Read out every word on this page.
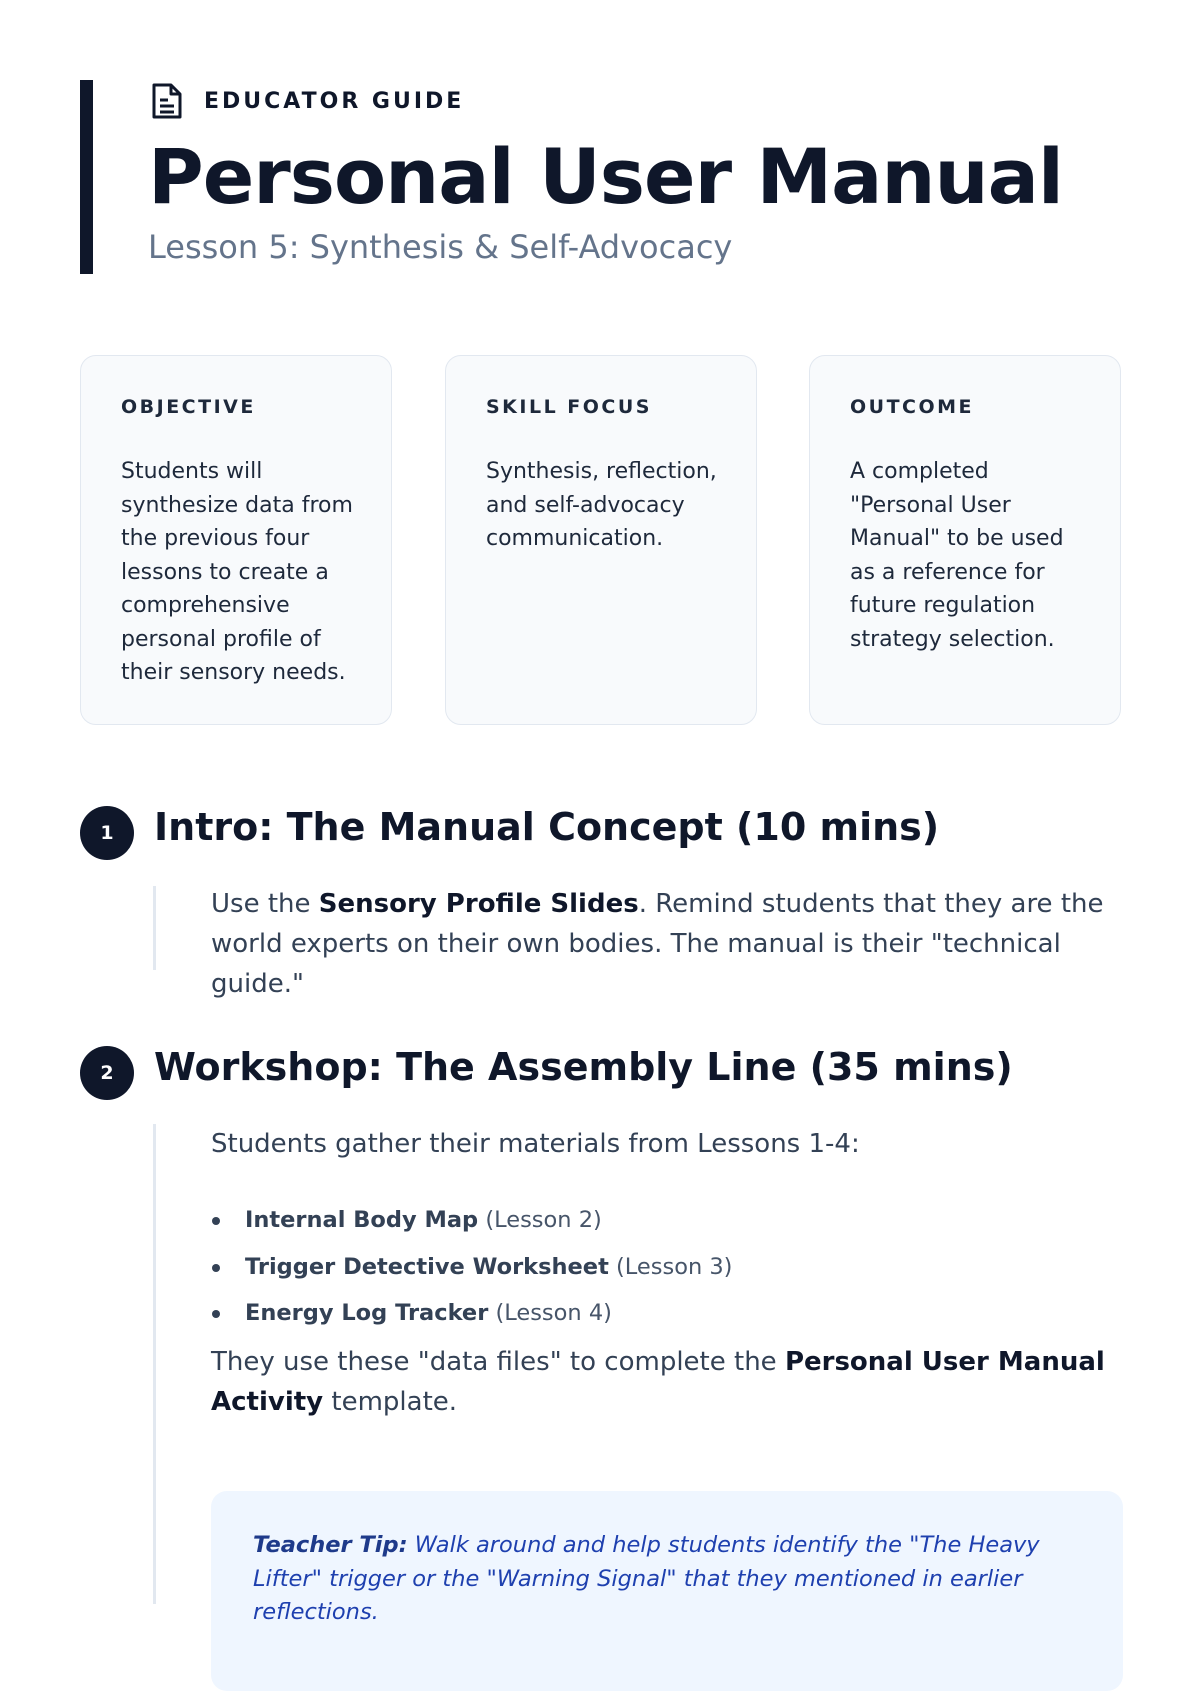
EDUCATOR GUIDE
Personal User Manual
Lesson 5: Synthesis & Self-Advocacy
OBJECTIVE

Students will synthesize data from the previous four lessons to create a comprehensive personal profile of their sensory needs.

SKILL FOCUS

Synthesis, reflection, and self-advocacy communication.

OUTCOME

A completed "Personal User Manual" to be used as a reference for future regulation strategy selection.

1	Intro: The Manual Concept (10 mins)

Use the Sensory Profile Slides. Remind students that they are the world experts on their own bodies. The manual is their "technical guide."

2	Workshop: The Assembly Line (35 mins)

Students gather their materials from Lessons 1-4:

Internal Body Map (Lesson 2)
Trigger Detective Worksheet (Lesson 3)
Energy Log Tracker (Lesson 4)

They use these "data files" to complete the Personal User Manual Activity template.

Teacher Tip: Walk around and help students identify the "The Heavy Lifter" trigger or the "Warning Signal" that they mentioned in earlier reflections.
